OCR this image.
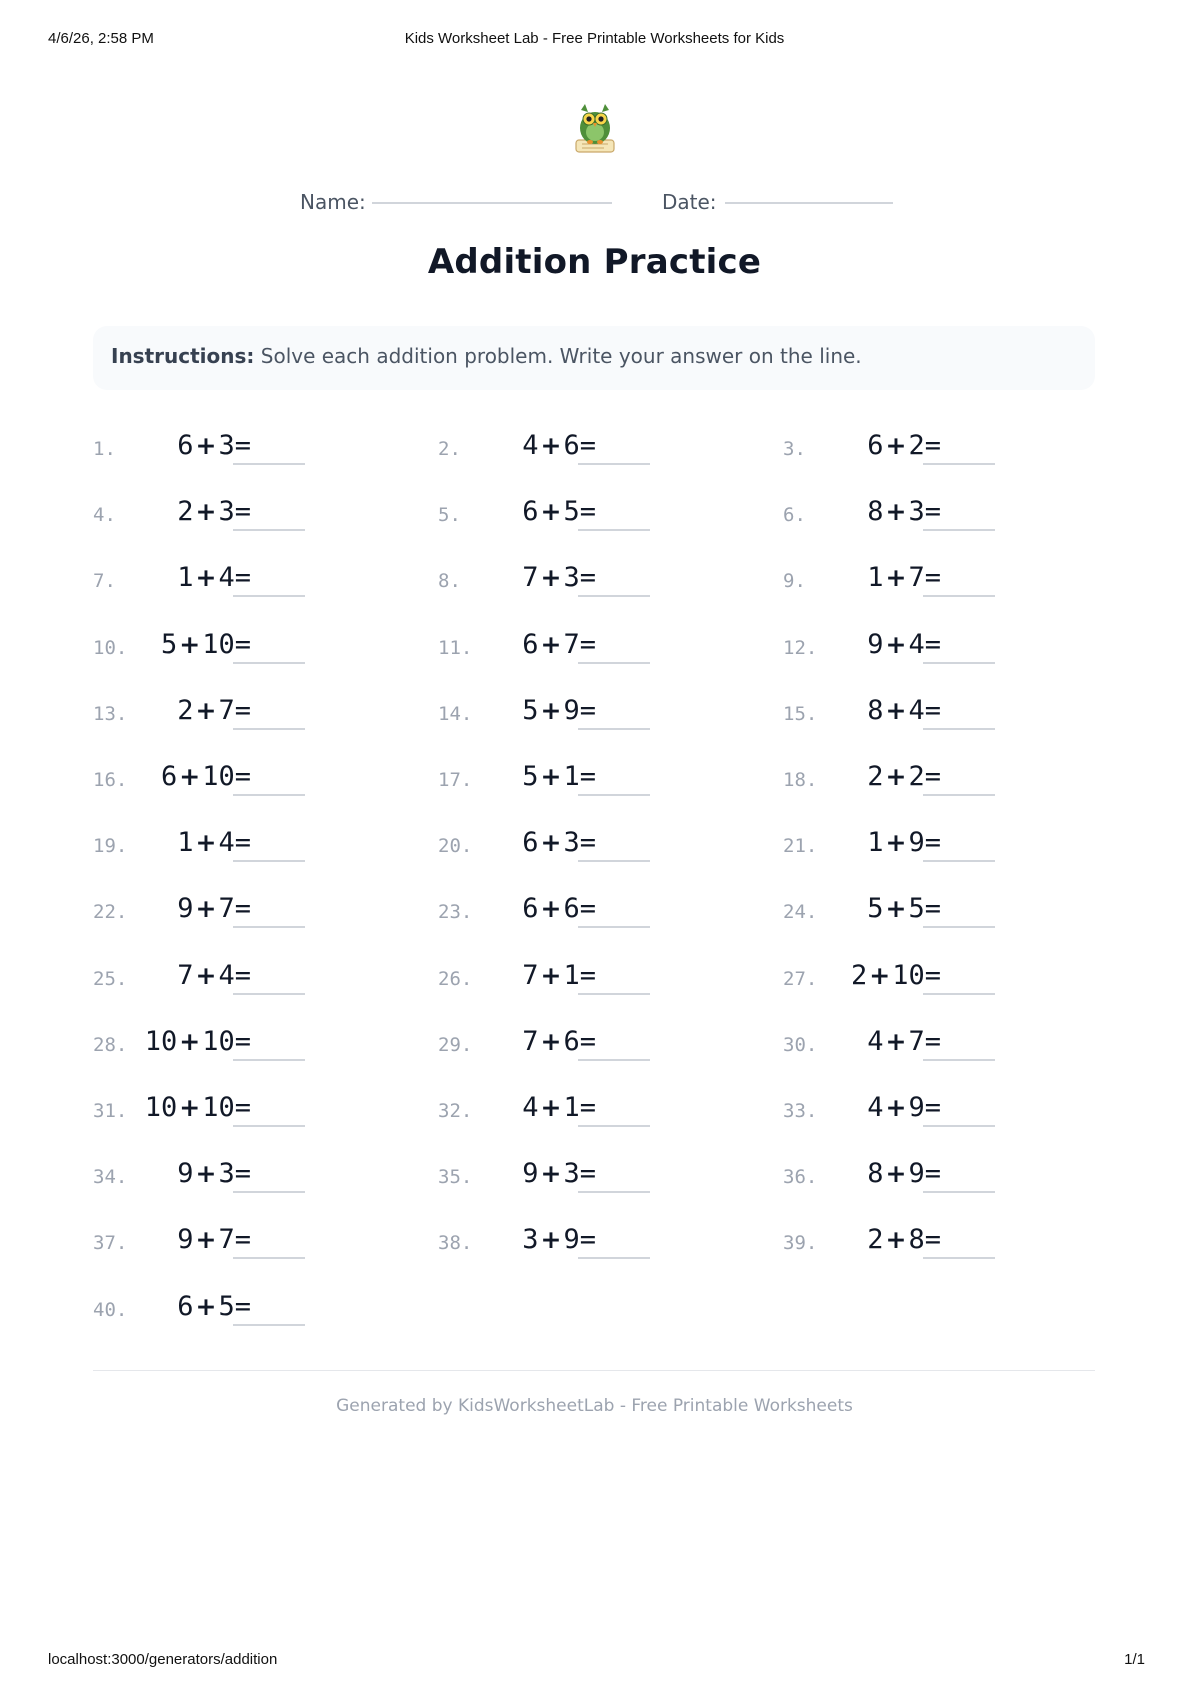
4/6/26, 2:58 PM	Kids Worksheet Lab - Free Printable Worksheets for Kids
Name:	Date:
Addition Practice
Instructions: Solve each addition problem. Write your answer on the line.
1. 6+3=	2. 4+6=	3. 6+2=
4. 2+3=	5. 6+5=	6. 8+3=
7. 1+4=	8. 7+3=	9. 1+7=
10. 5+10=	11. 6+7=	12. 9+4=
13. 2+7=	14. 5+9=	15. 8+4=
16. 6+10=	17. 5+1=	18. 2+2=
19. 1+4=	20. 6+3=	21. 1+9=
22. 9+7=	23. 6+6=	24. 5+5=
25. 7+4=	26. 7+1=	27. 2+10=
28. 10+10=	29. 7+6=	30. 4+7=
31. 10+10=	32. 4+1=	33. 4+9=
34. 9+3=	35. 9+3=	36. 8+9=
37. 9+7=	38. 3+9=	39. 2+8=
40. 6+5=
Generated by KidsWorksheetLab - Free Printable Worksheets
localhost:3000/generators/addition	1/1
